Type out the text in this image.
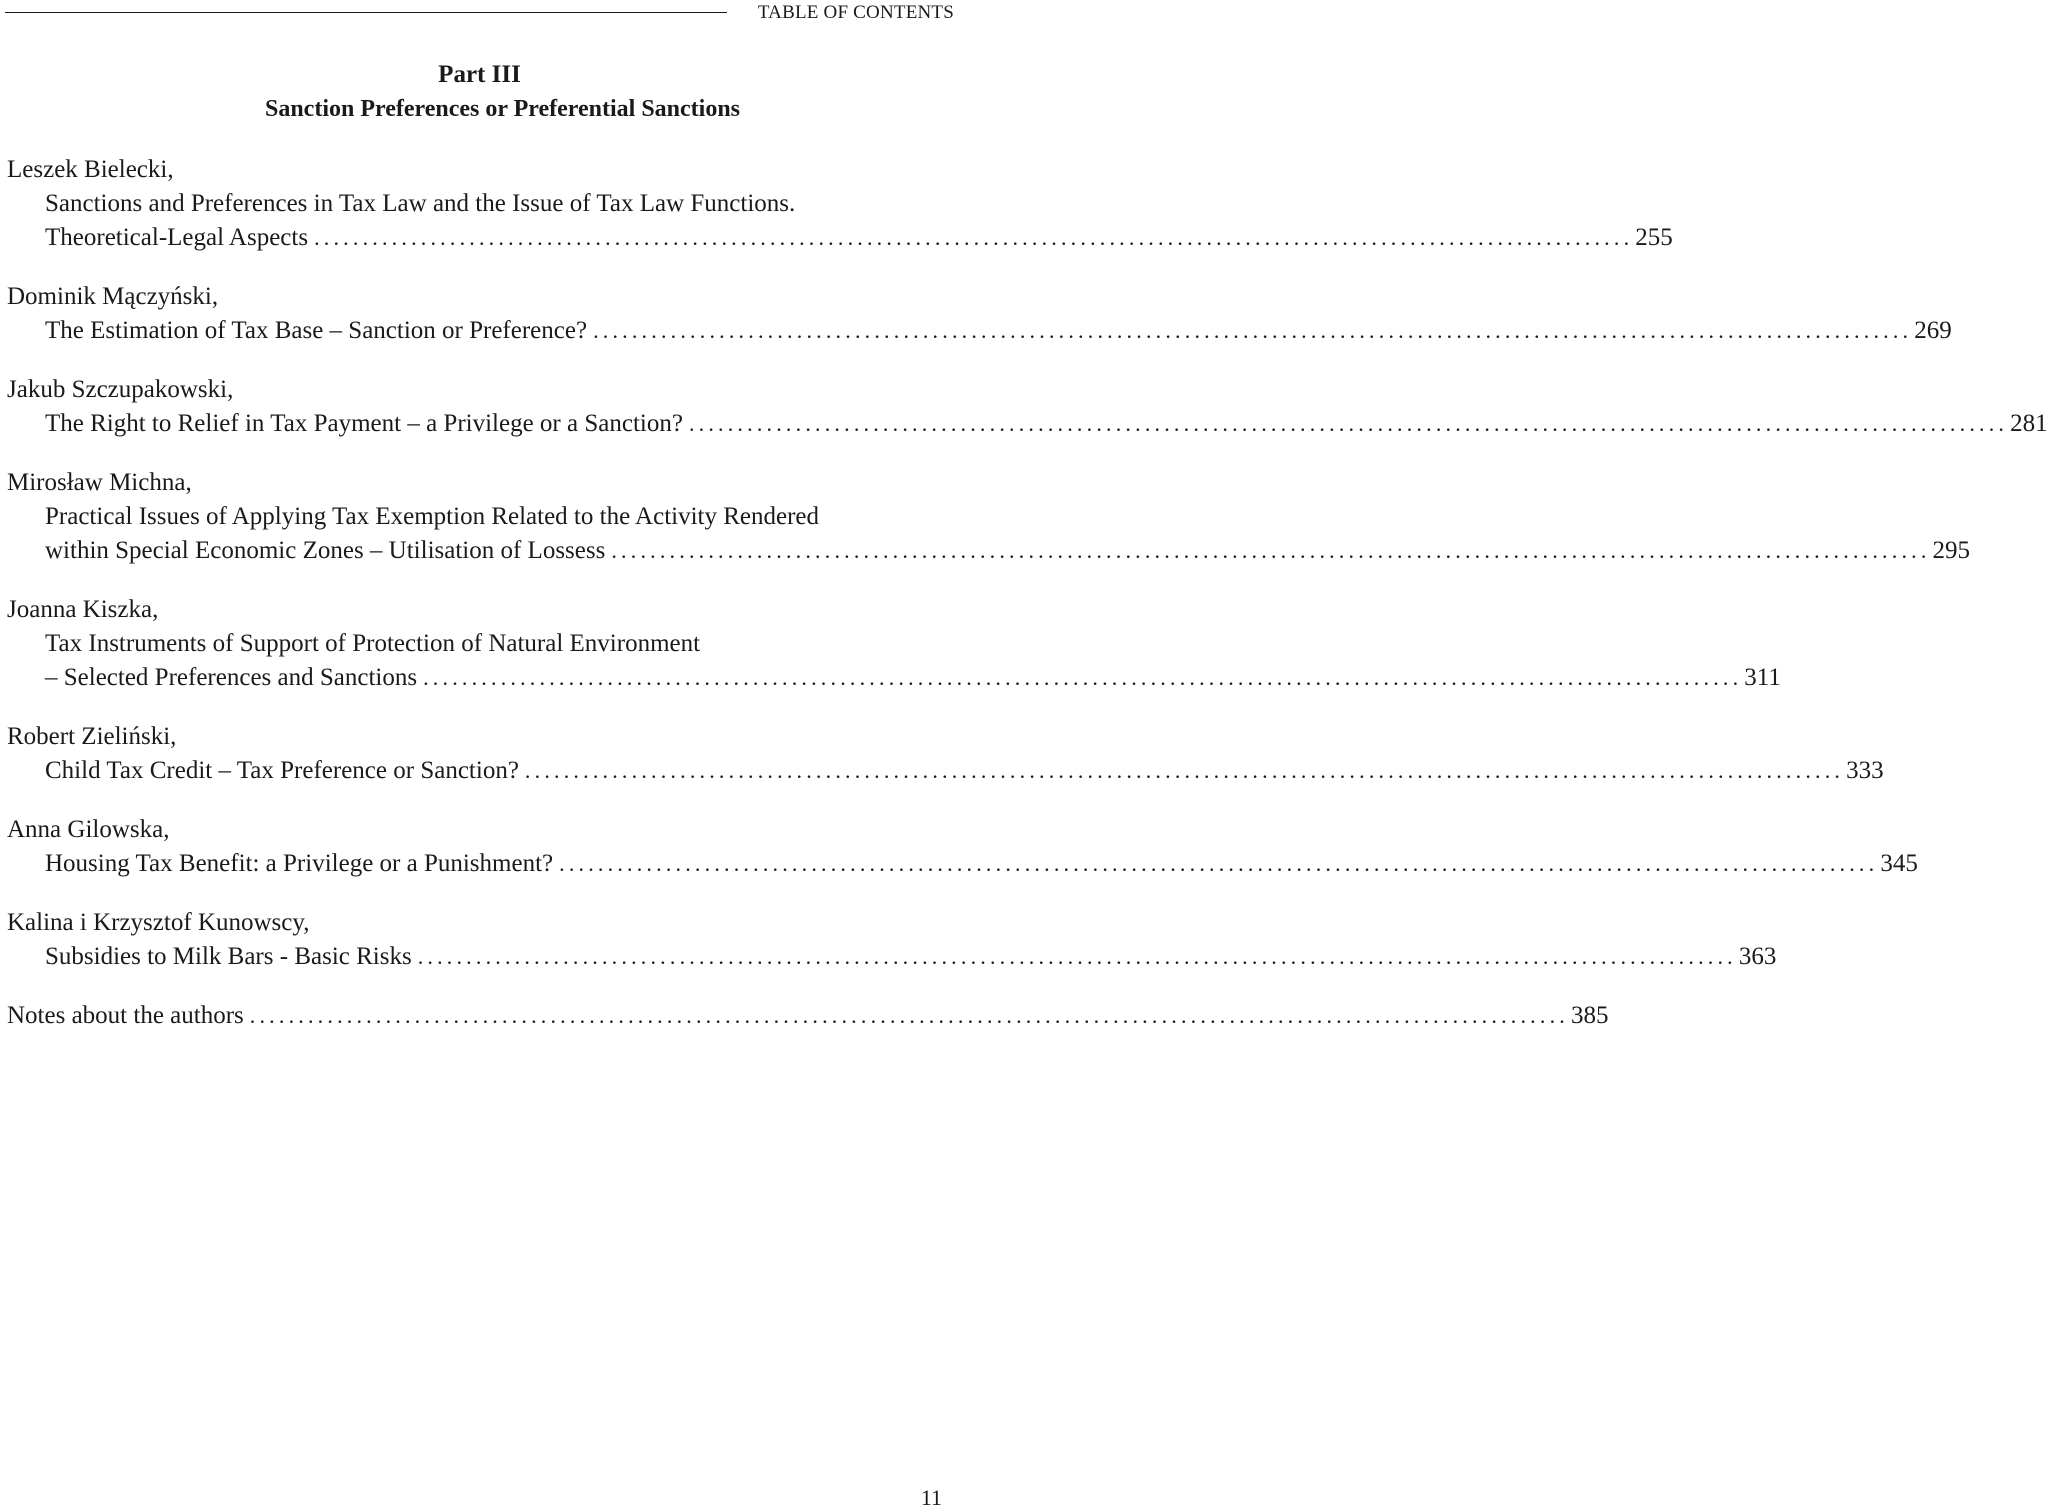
TABLE OF CONTENTS
Part III
Sanction Preferences or Preferential Sanctions
Leszek Bielecki,
Sanctions and Preferences in Tax Law and the Issue of Tax Law Functions.
Theoretical-Legal Aspects ........................................................................................................................................ 255
Dominik Mączyński,
The Estimation of Tax Base – Sanction or Preference? ........................................................................................................................................ 269
Jakub Szczupakowski,
The Right to Relief in Tax Payment – a Privilege or a Sanction? ........................................................................................................................................ 281
Mirosław Michna,
Practical Issues of Applying Tax Exemption Related to the Activity Rendered
within Special Economic Zones – Utilisation of Lossess ........................................................................................................................................ 295
Joanna Kiszka,
Tax Instruments of Support of Protection of Natural Environment
– Selected Preferences and Sanctions ........................................................................................................................................ 311
Robert Zieliński,
Child Tax Credit – Tax Preference or Sanction? ........................................................................................................................................ 333
Anna Gilowska,
Housing Tax Benefit: a Privilege or a Punishment? ........................................................................................................................................ 345
Kalina i Krzysztof Kunowscy,
Subsidies to Milk Bars - Basic Risks ........................................................................................................................................ 363
Notes about the authors ........................................................................................................................................ 385
11
